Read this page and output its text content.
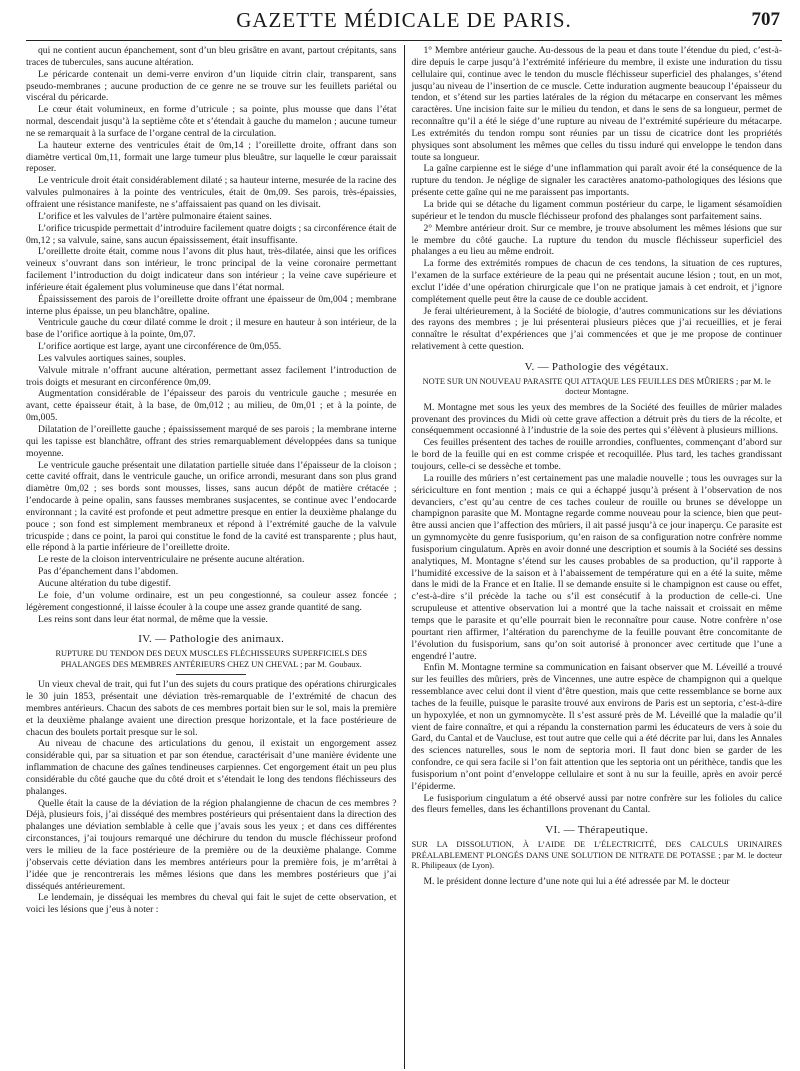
GAZETTE MÉDICALE DE PARIS.	707

qui ne contient aucun épanchement, sont d’un bleu grisâtre en avant, partout crépitants, sans traces de tubercules, sans aucune altération.

Le péricarde contenait un demi-verre environ d’un liquide citrin clair, transparent, sans pseudo-membranes ; aucune production de ce genre ne se trouve sur les feuillets pariétal ou viscéral du péricarde.

Le cœur était volumineux, en forme d’utricule ; sa pointe, plus mousse que dans l’état normal, descendait jusqu’à la septième côte et s’étendait à gauche du mamelon ; aucune tumeur ne se remarquait à la surface de l’organe central de la circulation.

La hauteur externe des ventricules était de 0m,14 ; l’oreillette droite, offrant dans son diamètre vertical 0m,11, formait une large tumeur plus bleuâtre, sur laquelle le cœur paraissait reposer.

Le ventricule droit était considérablement dilaté ; sa hauteur interne, mesurée de la racine des valvules pulmonaires à la pointe des ventricules, était de 0m,09. Ses parois, très-épaissies, offraient une résistance manifeste, ne s’affaissaient pas quand on les divisait.

L’orifice et les valvules de l’artère pulmonaire étaient saines.

L’orifice tricuspide permettait d’introduire facilement quatre doigts ; sa circonférence était de 0m,12 ; sa valvule, saine, sans aucun épaississement, était insuffisante.

L’oreillette droite était, comme nous l’avons dit plus haut, très-dilatée, ainsi que les orifices veineux s’ouvrant dans son intérieur, le tronc principal de la veine coronaire permettant facilement l’introduction du doigt indicateur dans son intérieur ; la veine cave supérieure et inférieure était également plus volumineuse que dans l’état normal.

Épaississement des parois de l’oreillette droite offrant une épaisseur de 0m,004 ; membrane interne plus épaisse, un peu blanchâtre, opaline.

Ventricule gauche du cœur dilaté comme le droit ; il mesure en hauteur à son intérieur, de la base de l’orifice aortique à la pointe, 0m,07.

L’orifice aortique est large, ayant une circonférence de 0m,055.

Les valvules aortiques saines, souples.

Valvule mitrale n’offrant aucune altération, permettant assez facilement l’introduction de trois doigts et mesurant en circonférence 0m,09.

Augmentation considérable de l’épaisseur des parois du ventricule gauche ; mesurée en avant, cette épaisseur était, à la base, de 0m,012 ; au milieu, de 0m,01 ; et à la pointe, de 0m,005.

Dilatation de l’oreillette gauche ; épaississement marqué de ses parois ; la membrane interne qui les tapisse est blanchâtre, offrant des stries remarquablement développées dans sa tunique moyenne.

Le ventricule gauche présentait une dilatation partielle située dans l’épaisseur de la cloison ; cette cavité offrait, dans le ventricule gauche, un orifice arrondi, mesurant dans son plus grand diamètre 0m,02 ; ses bords sont mousses, lisses, sans aucun dépôt de matière crétacée ; l’endocarde à peine opalin, sans fausses membranes susjacentes, se continue avec l’endocarde environnant ; la cavité est profonde et peut admettre presque en entier la deuxième phalange du pouce ; son fond est simplement membraneux et répond à l’extrémité gauche de la valvule tricuspide ; dans ce point, la paroi qui constitue le fond de la cavité est transparente ; plus haut, elle répond à la partie inférieure de l’oreillette droite.

Le reste de la cloison interventriculaire ne présente aucune altération.

Pas d’épanchement dans l’abdomen.

Aucune altération du tube digestif.

Le foie, d’un volume ordinaire, est un peu congestionné, sa couleur assez foncée ; légèrement congestionné, il laisse écouler à la coupe une assez grande quantité de sang.

Les reins sont dans leur état normal, de même que la vessie.

IV. — Pathologie des animaux.
RUPTURE DU TENDON DES DEUX MUSCLES FLÉCHISSEURS SUPERFICIELS DES PHALANGES DES MEMBRES ANTÉRIEURS CHEZ UN CHEVAL ; par M. Goubaux.

Un vieux cheval de trait, qui fut l’un des sujets du cours pratique des opérations chirurgicales le 30 juin 1853, présentait une déviation très-remarquable de l’extrémité de chacun des membres antérieurs. Chacun des sabots de ces membres portait bien sur le sol, mais la première et la deuxième phalange avaient une direction presque horizontale, et la face postérieure de chacun des boulets portait presque sur le sol.

Au niveau de chacune des articulations du genou, il existait un engorgement assez considérable qui, par sa situation et par son étendue, caractérisait d’une manière évidente une inflammation de chacune des gaînes tendineuses carpiennes. Cet engorgement était un peu plus considérable du côté gauche que du côté droit et s’étendait le long des tendons fléchisseurs des phalanges.

Quelle était la cause de la déviation de la région phalangienne de chacun de ces membres ? Déjà, plusieurs fois, j’ai disséqué des membres postérieurs qui présentaient dans la direction des phalanges une déviation semblable à celle que j’avais sous les yeux ; et dans ces différentes circonstances, j’ai toujours remarqué une déchirure du tendon du muscle fléchisseur profond vers le milieu de la face postérieure de la première ou de la deuxième phalange. Comme j’observais cette déviation dans les membres antérieurs pour la première fois, je m’arrêtai à l’idée que je rencontrerais les mêmes lésions que dans les membres postérieurs que j’ai disséqués antérieurement.

Le lendemain, je disséquai les membres du cheval qui fait le sujet de cette observation, et voici les lésions que j’eus à noter :

1° Membre antérieur gauche. Au-dessous de la peau et dans toute l’étendue du pied, c’est-à-dire depuis le carpe jusqu’à l’extrémité inférieure du membre, il existe une induration du tissu cellulaire qui, continue avec le tendon du muscle fléchisseur superficiel des phalanges, s’étend jusqu’au niveau de l’insertion de ce muscle. Cette induration augmente beaucoup l’épaisseur du tendon, et s’étend sur les parties latérales de la région du métacarpe en conservant les mêmes caractères. Une incision faite sur le milieu du tendon, et dans le sens de sa longueur, permet de reconnaître qu’il a été le siége d’une rupture au niveau de l’extrémité supérieure du métacarpe. Les extrémités du tendon rompu sont réunies par un tissu de cicatrice dont les propriétés physiques sont absolument les mêmes que celles du tissu induré qui enveloppe le tendon dans toute sa longueur.

La gaîne carpienne est le siége d’une inflammation qui paraît avoir été la conséquence de la rupture du tendon. Je néglige de signaler les caractères anatomo-pathologiques des lésions que présente cette gaîne qui ne me paraissent pas importants.

La bride qui se détache du ligament commun postérieur du carpe, le ligament sésamoïdien supérieur et le tendon du muscle fléchisseur profond des phalanges sont parfaitement sains.

2° Membre antérieur droit. Sur ce membre, je trouve absolument les mêmes lésions que sur le membre du côté gauche. La rupture du tendon du muscle fléchisseur superficiel des phalanges a eu lieu au même endroit.

La forme des extrémités rompues de chacun de ces tendons, la situation de ces ruptures, l’examen de la surface extérieure de la peau qui ne présentait aucune lésion ; tout, en un mot, exclut l’idée d’une opération chirurgicale que l’on ne pratique jamais à cet endroit, et j’ignore complétement quelle peut être la cause de ce double accident.

Je ferai ultérieurement, à la Société de biologie, d’autres communications sur les déviations des rayons des membres ; je lui présenterai plusieurs pièces que j’ai recueillies, et je ferai connaître le résultat d’expériences que j’ai commencées et que je me propose de continuer relativement à cette question.

V. — Pathologie des végétaux.
NOTE SUR UN NOUVEAU PARASITE QUI ATTAQUE LES FEUILLES DES MÛRIERS ; par M. le docteur Montagne.

M. Montagne met sous les yeux des membres de la Société des feuilles de mûrier malades provenant des provinces du Midi où cette grave affection a détruit près du tiers de la récolte, et conséquemment occasionné à l’industrie de la soie des pertes qui s’élèvent à plusieurs millions.

Ces feuilles présentent des taches de rouille arrondies, confluentes, commençant d’abord sur le bord de la feuille qui en est comme crispée et recoquillée. Plus tard, les taches grandissant toujours, celle-ci se dessèche et tombe.

La rouille des mûriers n’est certainement pas une maladie nouvelle ; tous les ouvrages sur la sériciculture en font mention ; mais ce qui a échappé jusqu’à présent à l’observation de nos devanciers, c’est qu’au centre de ces taches couleur de rouille ou brunes se développe un champignon parasite que M. Montagne regarde comme nouveau pour la science, bien que peut-être aussi ancien que l’affection des mûriers, il ait passé jusqu’à ce jour inaperçu. Ce parasite est un gymnomycète du genre fusisporium, qu’en raison de sa configuration notre confrère nomme fusisporium cingulatum. Après en avoir donné une description et soumis à la Société ses dessins analytiques, M. Montagne s’étend sur les causes probables de sa production, qu’il rapporte à l’humidité excessive de la saison et à l’abaissement de température qui en a été la suite, même dans le midi de la France et en Italie. Il se demande ensuite si le champignon est cause ou effet, c’est-à-dire s’il précède la tache ou s’il est consécutif à la production de celle-ci. Une scrupuleuse et attentive observation lui a montré que la tache naissait et croissait en même temps que le parasite et qu’elle pourrait bien le reconnaître pour cause. Notre confrère n’ose pourtant rien affirmer, l’altération du parenchyme de la feuille pouvant être concomitante de l’évolution du fusisporium, sans qu’on soit autorisé à prononcer avec certitude que l’une a engendré l’autre.

Enfin M. Montagne termine sa communication en faisant observer que M. Léveillé a trouvé sur les feuilles des mûriers, près de Vincennes, une autre espèce de champignon qui a quelque ressemblance avec celui dont il vient d’être question, mais que cette ressemblance se borne aux taches de la feuille, puisque le parasite trouvé aux environs de Paris est un septoria, c’est-à-dire un hypoxylée, et non un gymnomycète. Il s’est assuré près de M. Léveillé que la maladie qu’il vient de faire connaître, et qui a répandu la consternation parmi les éducateurs de vers à soie du Gard, du Cantal et de Vaucluse, est tout autre que celle qui a été décrite par lui, dans les Annales des sciences naturelles, sous le nom de septoria mori. Il faut donc bien se garder de les confondre, ce qui sera facile si l’on fait attention que les septoria ont un périthèce, tandis que les fusisporium n’ont point d’enveloppe cellulaire et sont à nu sur la feuille, après en avoir percé l’épiderme.

Le fusisporium cingulatum a été observé aussi par notre confrère sur les folioles du calice des fleurs femelles, dans les échantillons provenant du Cantal.

VI. — Thérapeutique.
SUR LA DISSOLUTION, À L’AIDE DE L’ÉLECTRICITÉ, DES CALCULS URINAIRES PRÉALABLEMENT PLONGÉS DANS UNE SOLUTION DE NITRATE DE POTASSE ; par M. le docteur R. Philipeaux (de Lyon).

M. le président donne lecture d’une note qui lui a été adressée par M. le docteur
